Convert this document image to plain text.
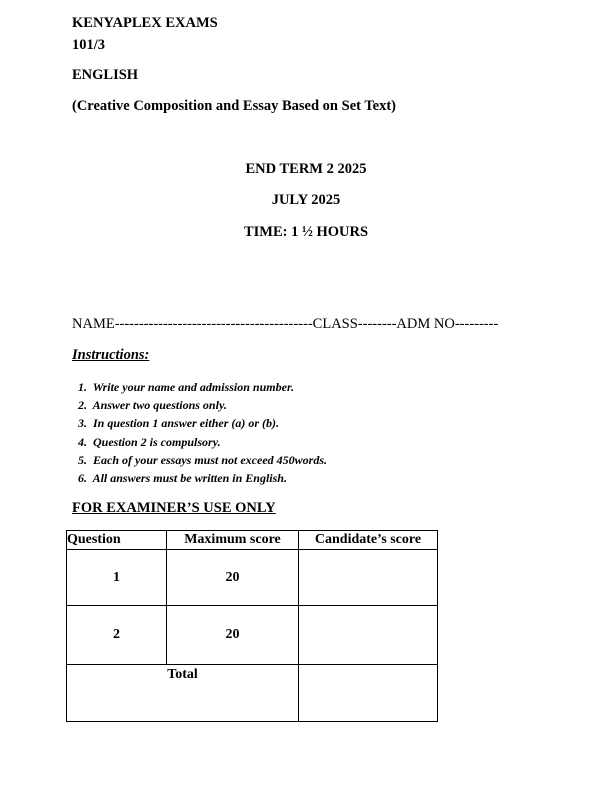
KENYAPLEX EXAMS
101/3
ENGLISH
(Creative Composition and Essay Based on Set Text)
END TERM 2 2025
JULY 2025
TIME: 1 ½ HOURS
NAME-----------------------------------------CLASS--------ADM NO---------
Instructions:
1. Write your name and admission number.
2. Answer two questions only.
3. In question 1 answer either (a) or (b).
4. Question 2 is compulsory.
5. Each of your essays must not exceed 450words.
6. All answers must be written in English.
FOR EXAMINER’S USE ONLY
Question	Maximum score	Candidate’s score
1	20	
2	20	
Total		
